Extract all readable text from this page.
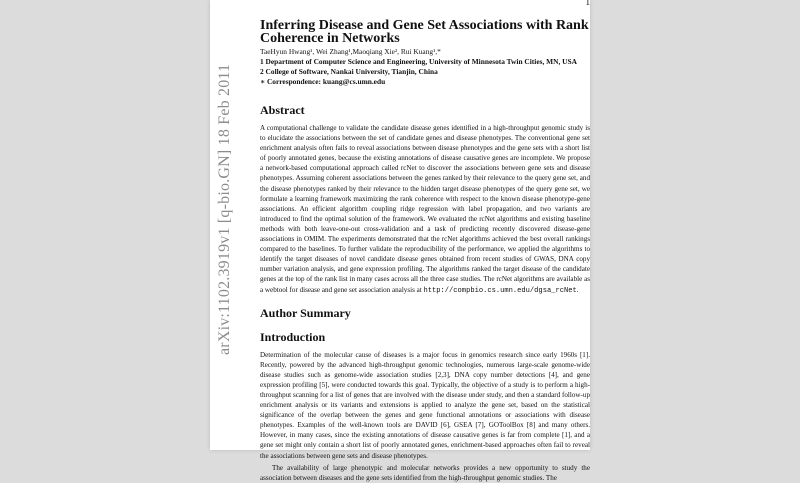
1
arXiv:1102.3919v1 [q-bio.GN] 18 Feb 2011
Inferring Disease and Gene Set Associations with Rank Coherence in Networks
TaeHyun Hwang¹, Wei Zhang¹,Maoqiang Xie², Rui Kuang¹,*
1 Department of Computer Science and Engineering, University of Minnesota Twin Cities, MN, USA
2 College of Software, Nankai University, Tianjin, China
∗ Correspondence: kuang@cs.umn.edu
Abstract

A computational challenge to validate the candidate disease genes identified in a high-throughput genomic study is to elucidate the associations between the set of candidate genes and disease phenotypes. The conventional gene set enrichment analysis often fails to reveal associations between disease phenotypes and the gene sets with a short list of poorly annotated genes, because the existing annotations of disease causative genes are incomplete. We propose a network-based computational approach called rcNet to discover the associations between gene sets and disease phenotypes. Assuming coherent associations between the genes ranked by their relevance to the query gene set, and the disease phenotypes ranked by their relevance to the hidden target disease phenotypes of the query gene set, we formulate a learning framework maximizing the rank coherence with respect to the known disease phenotype-gene associations. An efficient algorithm coupling ridge regression with label propagation, and two variants are introduced to find the optimal solution of the framework. We evaluated the rcNet algorithms and existing baseline methods with both leave-one-out cross-validation and a task of predicting recently discovered disease-gene associations in OMIM. The experiments demonstrated that the rcNet algorithms achieved the best overall rankings compared to the baselines. To further validate the reproducibility of the performance, we applied the algorithms to identify the target diseases of novel candidate disease genes obtained from recent studies of GWAS, DNA copy number variation analysis, and gene expression profiling. The algorithms ranked the target disease of the candidate genes at the top of the rank list in many cases across all the three case studies. The rcNet algorithms are available as a webtool for disease and gene set association analysis at http://compbio.cs.umn.edu/dgsa_rcNet.

Author Summary
Introduction

Determination of the molecular cause of diseases is a major focus in genomics research since early 1960s [1]. Recently, powered by the advanced high-throughput genomic technologies, numerous large-scale genome-wide disease studies such as genome-wide association studies [2,3], DNA copy number detections [4], and gene expression profiling [5], were conducted towards this goal. Typically, the objective of a study is to perform a high-throughput scanning for a list of genes that are involved with the disease under study, and then a standard follow-up enrichment analysis or its variants and extensions is applied to analyze the gene set, based on the statistical significance of the overlap between the genes and gene functional annotations or associations with disease phenotypes. Examples of the well-known tools are DAVID [6], GSEA [7], GOToolBox [8] and many others. However, in many cases, since the existing annotations of disease causative genes is far from complete [1], and a gene set might only contain a short list of poorly annotated genes, enrichment-based approaches often fail to reveal the associations between gene sets and disease phenotypes.

The availability of large phenotypic and molecular networks provides a new opportunity to study the association between diseases and the gene sets identified from the high-throughput genomic studies. The
